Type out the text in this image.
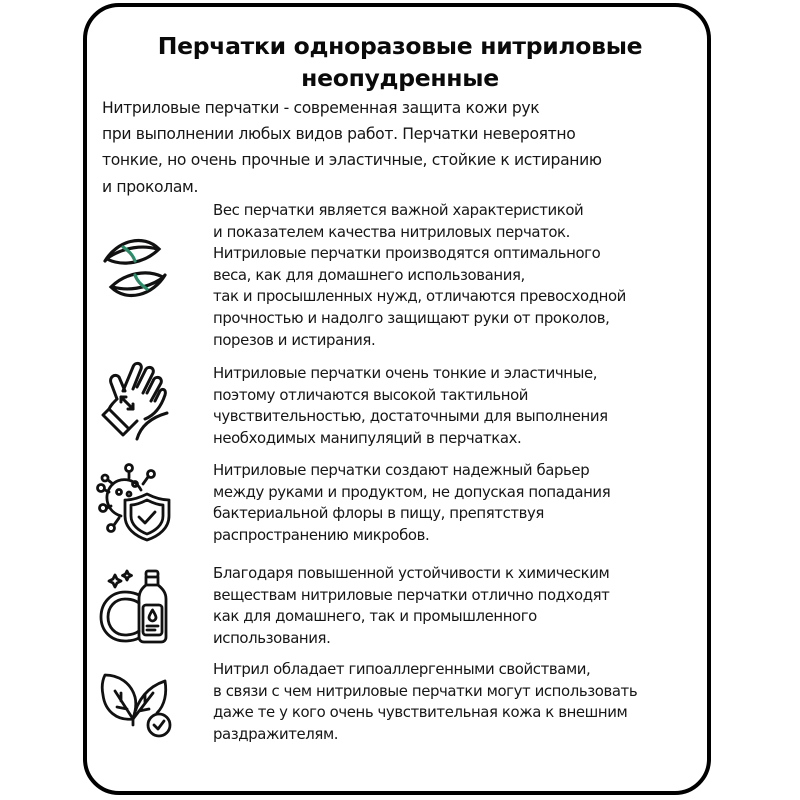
Перчатки одноразовые нитриловые
неопудренные
Нитриловые перчатки - современная защита кожи рук
при выполнении любых видов работ. Перчатки невероятно
тонкие, но очень прочные и эластичные, стойкие к истиранию
и проколам.
Вес перчатки является важной характеристикой
и показателем качества нитриловых перчаток.
Нитриловые перчатки производятся оптимального
веса, как для домашнего использования,
так и просышленных нужд, отличаются превосходной
прочностью и надолго защищают руки от проколов,
порезов и истирания.
Нитриловые перчатки очень тонкие и эластичные,
поэтому отличаются высокой тактильной
чувствительностью, достаточными для выполнения
необходимых манипуляций в перчатках.
Нитриловые перчатки создают надежный барьер
между руками и продуктом, не допуская попадания
бактериальной флоры в пищу, препятствуя
распространению микробов.
Благодаря повышенной устойчивости к химическим
веществам нитриловые перчатки отлично подходят
как для домашнего, так и промышленного
использования.
Нитрил обладает гипоаллергенными свойствами,
в связи с чем нитриловые перчатки могут использовать
даже те у кого очень чувствительная кожа к внешним
раздражителям.
